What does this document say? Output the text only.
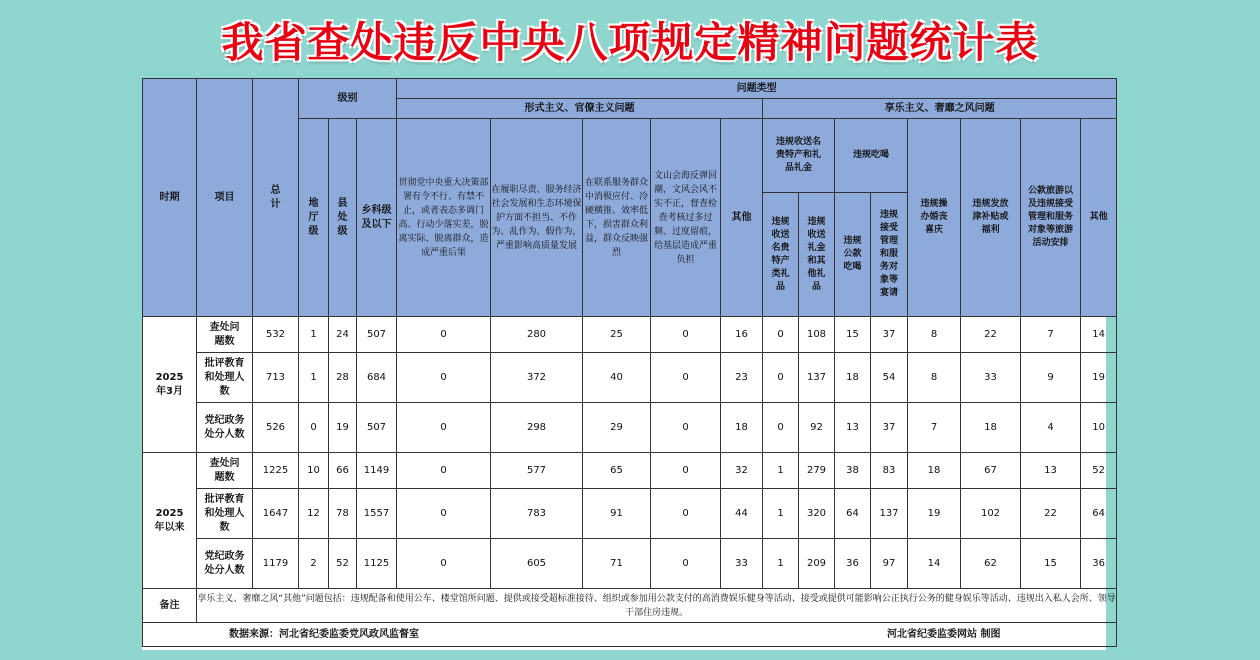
我省查处违反中央八项规定精神问题统计表
时期	项目	总计	级别			问题类型												
						形式主义、官僚主义问题					享乐主义、奢靡之风问题							
			地厅级	县处级	乡科级及以下	贯彻党中央重大决策部署有令不行、有禁不止，或者表态多调门高、行动少落实差，脱离实际、脱离群众，造成严重后果	在履职尽责、服务经济社会发展和生态环境保护方面不担当、不作为、乱作为、假作为，严重影响高质量发展	在联系服务群众中消极应付、冷硬横推、效率低下，损害群众利益，群众反映强烈	文山会海反弹回潮，文风会风不实不正，督查检查考核过多过频、过度留痕，给基层造成严重负担	其他	违规收送名贵特产和礼品礼金		违规吃喝		违规操办婚丧喜庆	违规发放津补贴或福利	公款旅游以及违规接受管理和服务对象等旅游活动安排	其他
											违规收送名贵特产类礼品	违规收送礼金和其他礼品	违规公款吃喝	违规接受管理和服务对象等宴请				
2025年3月	查处问题数	532	1	24	507	0	280	25	0	16	0	108	15	37	8	22	7	14
	批评教育和处理人数	713	1	28	684	0	372	40	0	23	0	137	18	54	8	33	9	19
	党纪政务处分人数	526	0	19	507	0	298	29	0	18	0	92	13	37	7	18	4	10
2025年以来	查处问题数	1225	10	66	1149	0	577	65	0	32	1	279	38	83	18	67	13	52
	批评教育和处理人数	1647	12	78	1557	0	783	91	0	44	1	320	64	137	19	102	22	64
	党纪政务处分人数	1179	2	52	1125	0	605	71	0	33	1	209	36	97	14	62	15	36
备注	享乐主义、奢靡之风“其他”问题包括：违规配备和使用公车、楼堂馆所问题、提供或接受超标准接待、组织或参加用公款支付的高消费娱乐健身等活动、接受或提供可能影响公正执行公务的健身娱乐等活动、违规出入私人会所、领导干部住房违规。																	

数据来源：河北省纪委监委党风政风监督室 河北省纪委监委网站 制图																		
